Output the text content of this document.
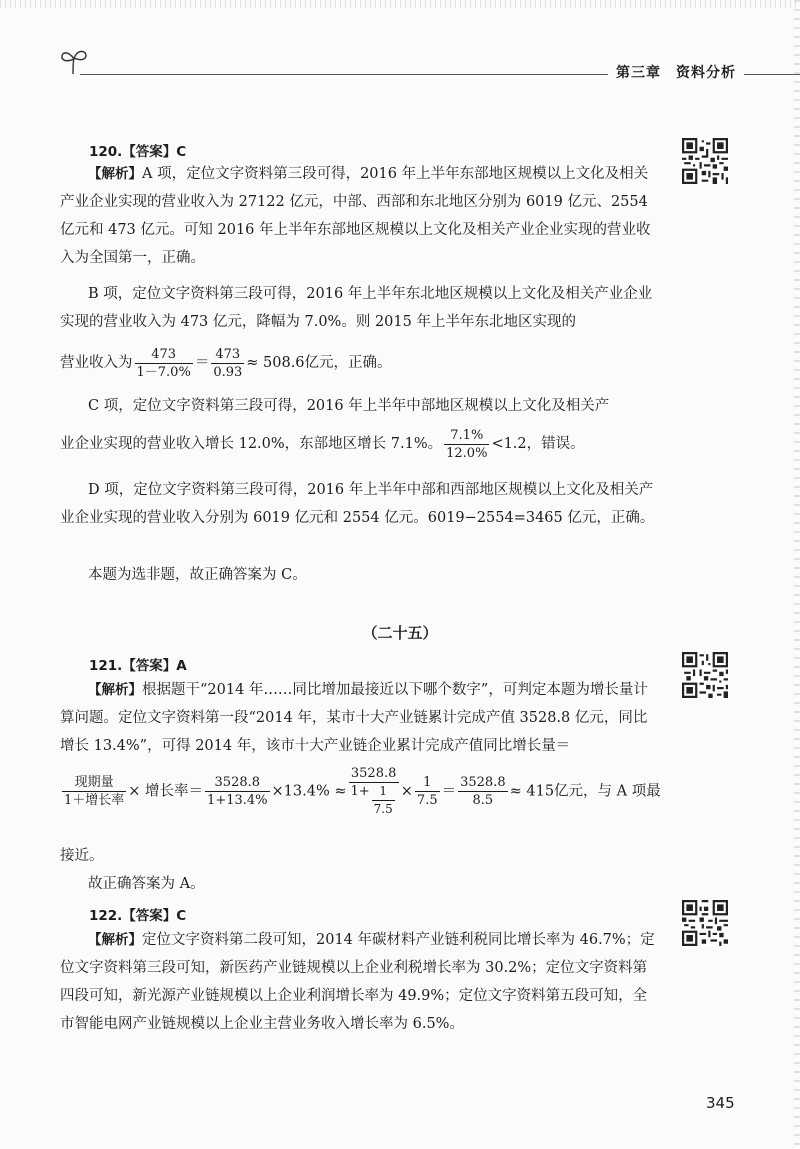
第三章　资料分析
120.【答案】C

【解析】A 项，定位文字资料第三段可得，2016 年上半年东部地区规模以上文化及相关产业企业实现的营业收入为 27122 亿元，中部、西部和东北地区分别为 6019 亿元、2554 亿元和 473 亿元。可知 2016 年上半年东部地区规模以上文化及相关产业企业实现的营业收入为全国第一，正确。

B 项，定位文字资料第三段可得，2016 年上半年东北地区规模以上文化及相关产业企业实现的营业收入为 473 亿元，降幅为 7.0%。则 2015 年上半年东北地区实现的

营业收入为 $\frac{473}{1-7.0\%} = \frac{473}{0.93} \approx 508.6$亿元，正确。

C 项，定位文字资料第三段可得，2016 年上半年中部地区规模以上文化及相关产

业企业实现的营业收入增长 12.0%，东部地区增长 7.1%。 $\frac{7.1\%}{12.0\%} <1.2$，错误。

D 项，定位文字资料第三段可得，2016 年上半年中部和西部地区规模以上文化及相关产业企业实现的营业收入分别为 6019 亿元和 2554 亿元。6019−2554=3465 亿元，正确。

本题为选非题，故正确答案为 C。

（二十五）
121.【答案】A

【解析】根据题干“2014 年……同比增加最接近以下哪个数字”，可判定本题为增长量计算问题。定位文字资料第一段“2014 年，某市十大产业链累计完成产值 3528.8 亿元，同比增长 13.4%”，可得 2014 年，该市十大产业链企业累计完成产值同比增长量＝

$\frac{\text{现期量}}{\text{1＋增长率}}$ × 增长率＝ $\frac{3528.8}{1+13.4\%} \times 13.4\% \approx \frac{3528.8}{1+ \frac{1}{7.5}} \times \frac{1}{7.5} = \frac{3528.8}{8.5} \approx 415$亿元，与 A 项最

接近。

故正确答案为 A。

122.【答案】C

【解析】定位文字资料第二段可知，2014 年碳材料产业链利税同比增长率为 46.7%；定位文字资料第三段可知，新医药产业链规模以上企业利税增长率为 30.2%；定位文字资料第四段可知，新光源产业链规模以上企业利润增长率为 49.9%；定位文字资料第五段可知，全市智能电网产业链规模以上企业主营业务收入增长率为 6.5%。

345
